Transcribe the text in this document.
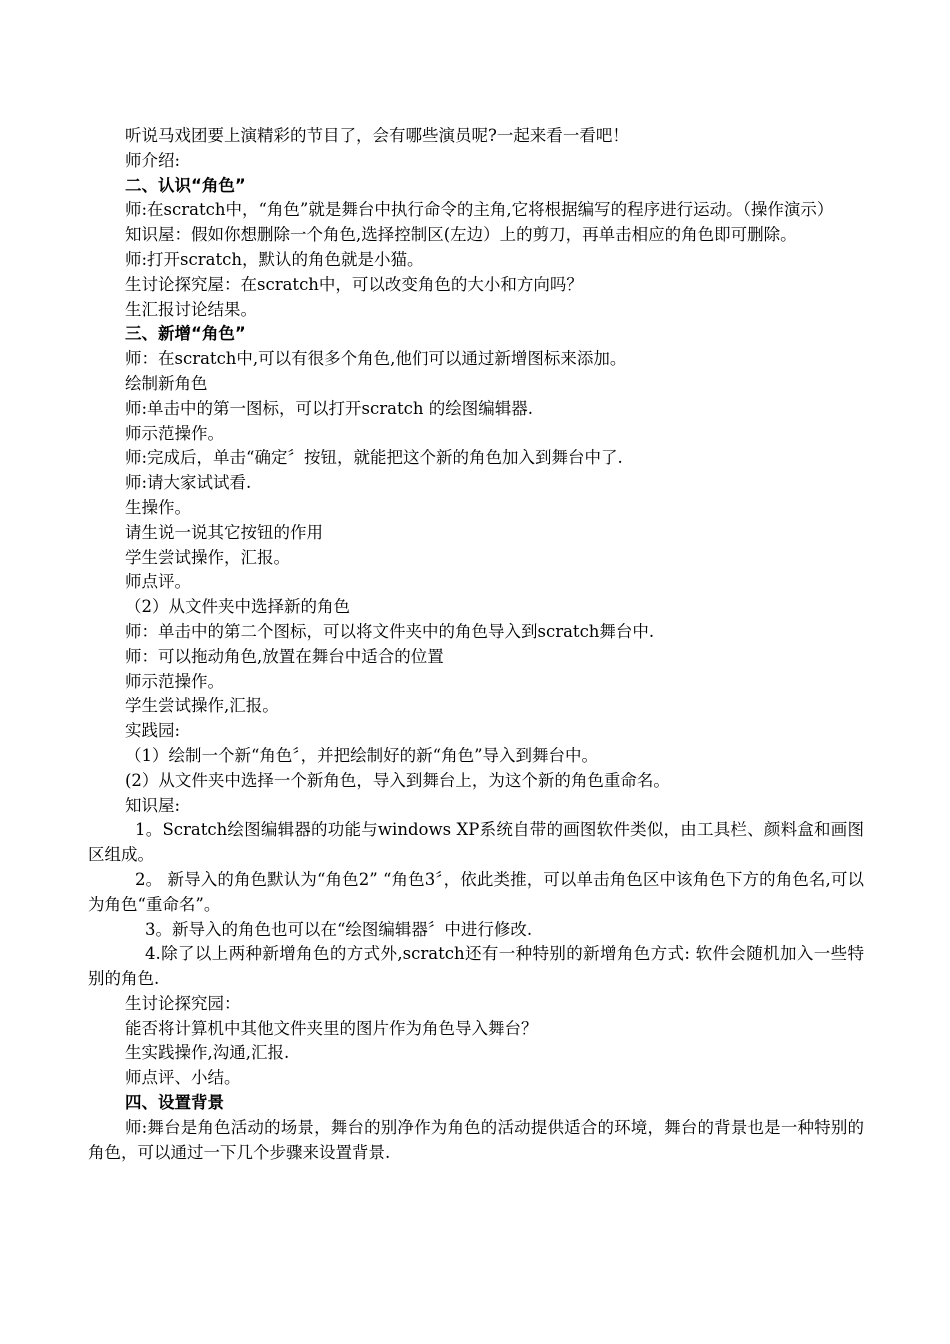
听说马戏团要上演精彩的节目了，会有哪些演员呢?一起来看一看吧！

师介绍:

二、认识“角色”

师:在scratch中，“角色”就是舞台中执行命令的主角,它将根据编写的程序进行运动。（操作演示）

知识屋：假如你想删除一个角色,选择控制区(左边）上的剪刀，再单击相应的角色即可删除。

师:打开scratch，默认的角色就是小猫。

生讨论探究屋：在scratch中，可以改变角色的大小和方向吗？

生汇报讨论结果。

三、新增“角色”

师：在scratch中,可以有很多个角色,他们可以通过新增图标来添加。

绘制新角色

师:单击中的第一图标，可以打开scratch 的绘图编辑器.

师示范操作。

师:完成后，单击“确定〞按钮，就能把这个新的角色加入到舞台中了.

师:请大家试试看.

生操作。

请生说一说其它按钮的作用

学生尝试操作，汇报。

师点评。

（2）从文件夹中选择新的角色

师：单击中的第二个图标，可以将文件夹中的角色导入到scratch舞台中.

师：可以拖动角色,放置在舞台中适合的位置

师示范操作。

学生尝试操作,汇报。

实践园:

（1）绘制一个新“角色〞，并把绘制好的新“角色”导入到舞台中。

(2）从文件夹中选择一个新角色，导入到舞台上，为这个新的角色重命名。

知识屋:

1。Scratch绘图编辑器的功能与windows XP系统自带的画图软件类似，由工具栏、颜料盒和画图区组成。

2。 新导入的角色默认为“角色2” “角色3〞，依此类推，可以单击角色区中该角色下方的角色名,可以为角色“重命名”。

3。新导入的角色也可以在“绘图编辑器〞中进行修改.

4.除了以上两种新增角色的方式外,scratch还有一种特别的新增角色方式: 软件会随机加入一些特别的角色.

生讨论探究园：

能否将计算机中其他文件夹里的图片作为角色导入舞台？

生实践操作,沟通,汇报.

师点评、小结。

四、设置背景

师:舞台是角色活动的场景，舞台的别净作为角色的活动提供适合的环境，舞台的背景也是一种特别的角色，可以通过一下几个步骤来设置背景.
